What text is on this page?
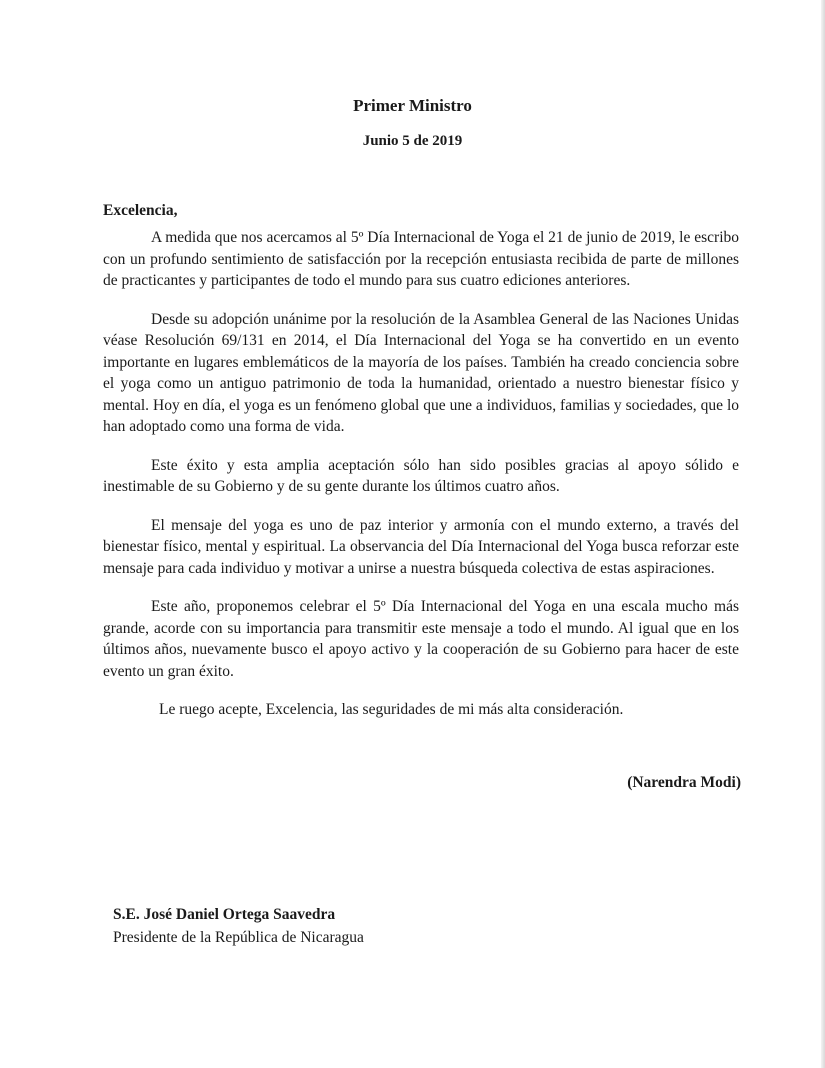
Primer Ministro
Junio 5 de 2019
Excelencia,

A medida que nos acercamos al 5º Día Internacional de Yoga el 21 de junio de 2019, le escribo con un profundo sentimiento de satisfacción por la recepción entusiasta recibida de parte de millones de practicantes y participantes de todo el mundo para sus cuatro ediciones anteriores.

Desde su adopción unánime por la resolución de la Asamblea General de las Naciones Unidas véase Resolución 69/131 en 2014, el Día Internacional del Yoga se ha convertido en un evento importante en lugares emblemáticos de la mayoría de los países. También ha creado conciencia sobre el yoga como un antiguo patrimonio de toda la humanidad, orientado a nuestro bienestar físico y mental. Hoy en día, el yoga es un fenómeno global que une a individuos, familias y sociedades, que lo han adoptado como una forma de vida.

Este éxito y esta amplia aceptación sólo han sido posibles gracias al apoyo sólido e inestimable de su Gobierno y de su gente durante los últimos cuatro años.

El mensaje del yoga es uno de paz interior y armonía con el mundo externo, a través del bienestar físico, mental y espiritual. La observancia del Día Internacional del Yoga busca reforzar este mensaje para cada individuo y motivar a unirse a nuestra búsqueda colectiva de estas aspiraciones.

Este año, proponemos celebrar el 5º Día Internacional del Yoga en una escala mucho más grande, acorde con su importancia para transmitir este mensaje a todo el mundo. Al igual que en los últimos años, nuevamente busco el apoyo activo y la cooperación de su Gobierno para hacer de este evento un gran éxito.

Le ruego acepte, Excelencia, las seguridades de mi más alta consideración.

(Narendra Modi)
S.E. José Daniel Ortega Saavedra
Presidente de la República de Nicaragua
